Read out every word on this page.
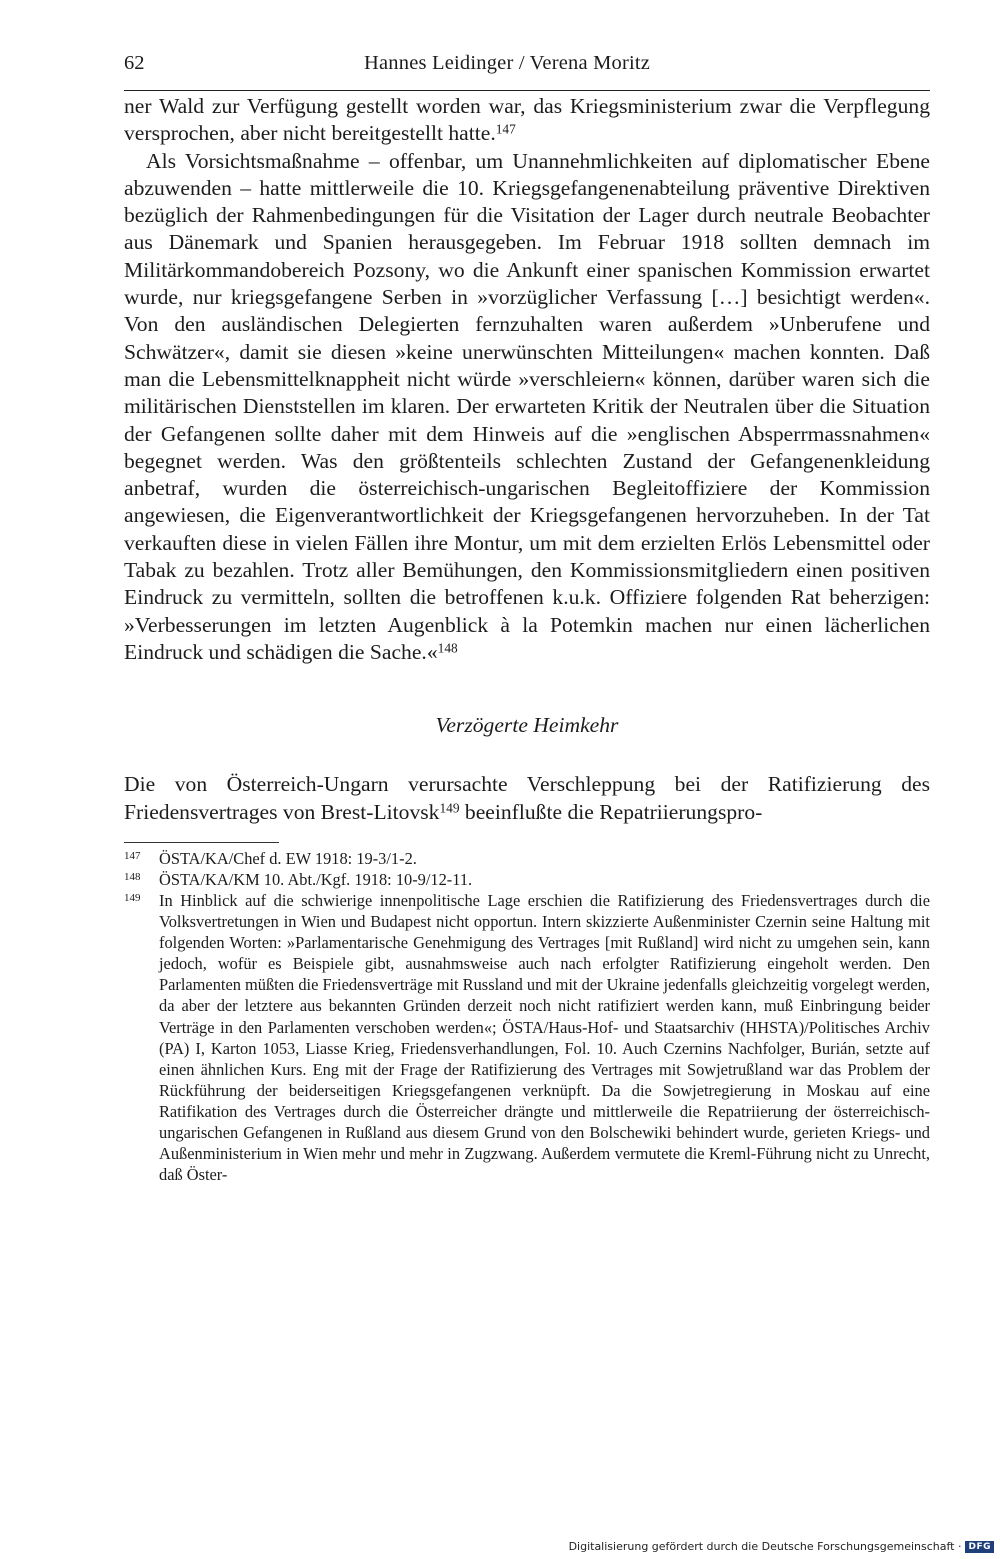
62	Hannes Leidinger / Verena Moritz

ner Wald zur Verfügung gestellt worden war, das Kriegsministerium zwar die Verpflegung versprochen, aber nicht bereitgestellt hatte.$^{147}$

Als Vorsichtsmaßnahme – offenbar, um Unannehmlichkeiten auf diplomatischer Ebene abzuwenden – hatte mittlerweile die 10. Kriegsgefangenenabteilung präventive Direktiven bezüglich der Rahmenbedingungen für die Visitation der Lager durch neutrale Beobachter aus Dänemark und Spanien herausgegeben. Im Februar 1918 sollten demnach im Militärkommandobereich Pozsony, wo die Ankunft einer spanischen Kommission erwartet wurde, nur kriegsgefangene Serben in »vorzüglicher Verfassung […] besichtigt werden«. Von den ausländischen Delegierten fernzuhalten waren außerdem »Unberufene und Schwätzer«, damit sie diesen »keine unerwünschten Mitteilungen« machen konnten. Daß man die Lebensmittelknappheit nicht würde »verschleiern« können, darüber waren sich die militärischen Dienststellen im klaren. Der erwarteten Kritik der Neutralen über die Situation der Gefangenen sollte daher mit dem Hinweis auf die »englischen Absperrmassnahmen« begegnet werden. Was den größtenteils schlechten Zustand der Gefangenenkleidung anbetraf, wurden die österreichisch-ungarischen Begleitoffiziere der Kommission angewiesen, die Eigenverantwortlichkeit der Kriegsgefangenen hervorzuheben. In der Tat verkauften diese in vielen Fällen ihre Montur, um mit dem erzielten Erlös Lebensmittel oder Tabak zu bezahlen. Trotz aller Bemühungen, den Kommissionsmitgliedern einen positiven Eindruck zu vermitteln, sollten die betroffenen k.u.k. Offiziere folgenden Rat beherzigen: »Verbesserungen im letzten Augenblick à la Potemkin machen nur einen lächerlichen Eindruck und schädigen die Sache.«$^{148}$

Verzögerte Heimkehr

Die von Österreich-Ungarn verursachte Verschleppung bei der Ratifizierung des Friedensvertrages von Brest-Litovsk$^{149}$ beeinflußte die Repatriierungspro-

147	ÖSTA/KA/Chef d. EW 1918: 19-3/1-2.
148	ÖSTA/KA/KM 10. Abt./Kgf. 1918: 10-9/12-11.
149	In Hinblick auf die schwierige innenpolitische Lage erschien die Ratifizierung des Friedensvertrages durch die Volksvertretungen in Wien und Budapest nicht opportun. Intern skizzierte Außenminister Czernin seine Haltung mit folgenden Worten: »Parlamentarische Genehmigung des Vertrages [mit Rußland] wird nicht zu umgehen sein, kann jedoch, wofür es Beispiele gibt, ausnahmsweise auch nach erfolgter Ratifizierung eingeholt werden. Den Parlamenten müßten die Friedensverträge mit Russland und mit der Ukraine jedenfalls gleichzeitig vorgelegt werden, da aber der letztere aus bekannten Gründen derzeit noch nicht ratifiziert werden kann, muß Einbringung beider Verträge in den Parlamenten verschoben werden«; ÖSTA/Haus-Hof- und Staatsarchiv (HHSTA)/Politisches Archiv (PA) I, Karton 1053, Liasse Krieg, Friedensverhandlungen, Fol. 10. Auch Czernins Nachfolger, Burián, setzte auf einen ähnlichen Kurs. Eng mit der Frage der Ratifizierung des Vertrages mit Sowjetrußland war das Problem der Rückführung der beiderseitigen Kriegsgefangenen verknüpft. Da die Sowjetregierung in Moskau auf eine Ratifikation des Vertrages durch die Österreicher drängte und mittlerweile die Repatriierung der österreichisch-ungarischen Gefangenen in Rußland aus diesem Grund von den Bolschewiki behindert wurde, gerieten Kriegs- und Außenministerium in Wien mehr und mehr in Zugzwang. Außerdem vermutete die Kreml-Führung nicht zu Unrecht, daß Öster-
Digitalisierung gefördert durch die Deutsche Forschungsgemeinschaft · DFG
